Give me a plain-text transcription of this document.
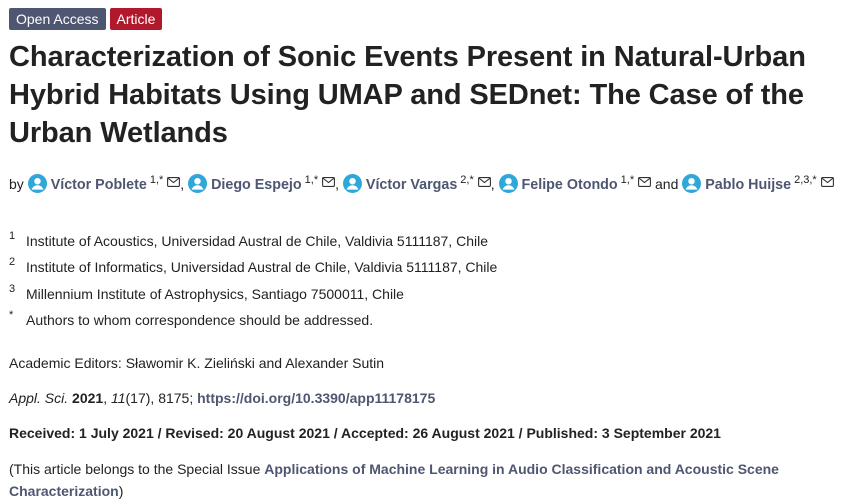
Open Access	Article
Characterization of Sonic Events Present in Natural-Urban Hybrid Habitats Using UMAP and SEDnet: The Case of the Urban Wetlands
by Víctor Poblete $^{1,*}$ , Diego Espejo $^{1,*}$ , Víctor Vargas $^{2,*}$ , Felipe Otondo $^{1,*}$ and Pablo Huijse $^{2,3,*}$
1 Institute of Acoustics, Universidad Austral de Chile, Valdivia 5111187, Chile
2 Institute of Informatics, Universidad Austral de Chile, Valdivia 5111187, Chile
3 Millennium Institute of Astrophysics, Santiago 7500011, Chile
* Authors to whom correspondence should be addressed.
Academic Editors: Sławomir K. Zieliński and Alexander Sutin
Appl. Sci. 2021, 11(17), 8175; https://doi.org/10.3390/app11178175
Received: 1 July 2021 / Revised: 20 August 2021 / Accepted: 26 August 2021 / Published: 3 September 2021
(This article belongs to the Special Issue Applications of Machine Learning in Audio Classification and Acoustic Scene Characterization)
